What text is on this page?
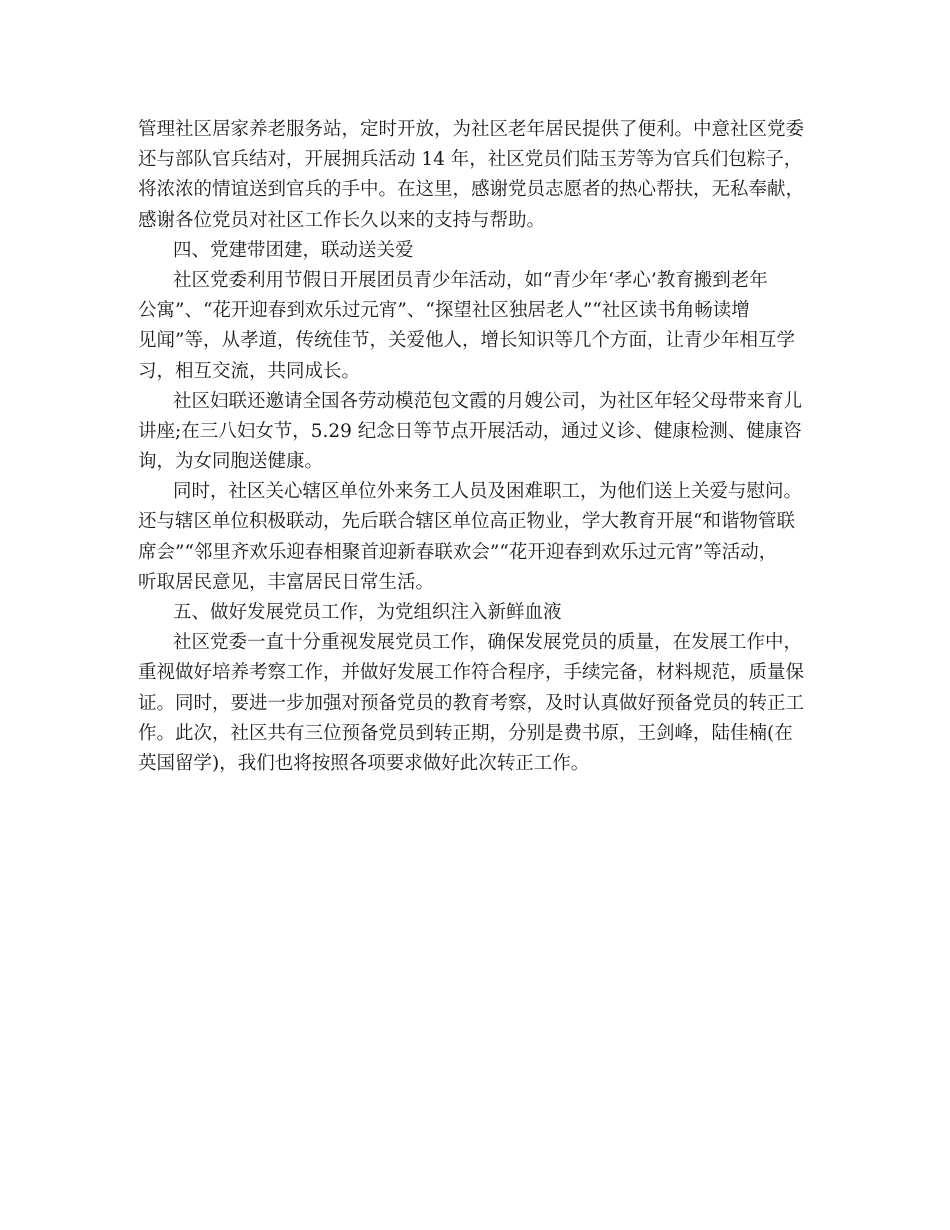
管理社区居家养老服务站，定时开放，为社区老年居民提供了便利。中意社区党委
还与部队官兵结对，开展拥兵活动 14 年，社区党员们陆玉芳等为官兵们包粽子，
将浓浓的情谊送到官兵的手中。在这里，感谢党员志愿者的热心帮扶，无私奉献，
感谢各位党员对社区工作长久以来的支持与帮助。
四、党建带团建，联动送关爱
社区党委利用节假日开展团员青少年活动，如“青少年‘孝心’教育搬到老年
公寓”、“花开迎春到欢乐过元宵”、“探望社区独居老人”“社区读书角畅读增
见闻”等，从孝道，传统佳节，关爱他人，增长知识等几个方面，让青少年相互学
习，相互交流，共同成长。
社区妇联还邀请全国各劳动模范包文霞的月嫂公司，为社区年轻父母带来育儿
讲座;在三八妇女节，5.29 纪念日等节点开展活动，通过义诊、健康检测、健康咨
询，为女同胞送健康。
同时，社区关心辖区单位外来务工人员及困难职工，为他们送上关爱与慰问。
还与辖区单位积极联动，先后联合辖区单位高正物业，学大教育开展“和谐物管联
席会”“邻里齐欢乐迎春相聚首迎新春联欢会”“花开迎春到欢乐过元宵”等活动，
听取居民意见，丰富居民日常生活。
五、做好发展党员工作，为党组织注入新鲜血液
社区党委一直十分重视发展党员工作，确保发展党员的质量，在发展工作中，
重视做好培养考察工作，并做好发展工作符合程序，手续完备，材料规范，质量保
证。同时，要进一步加强对预备党员的教育考察，及时认真做好预备党员的转正工
作。此次，社区共有三位预备党员到转正期，分别是费书原，王剑峰，陆佳楠(在
英国留学)，我们也将按照各项要求做好此次转正工作。
